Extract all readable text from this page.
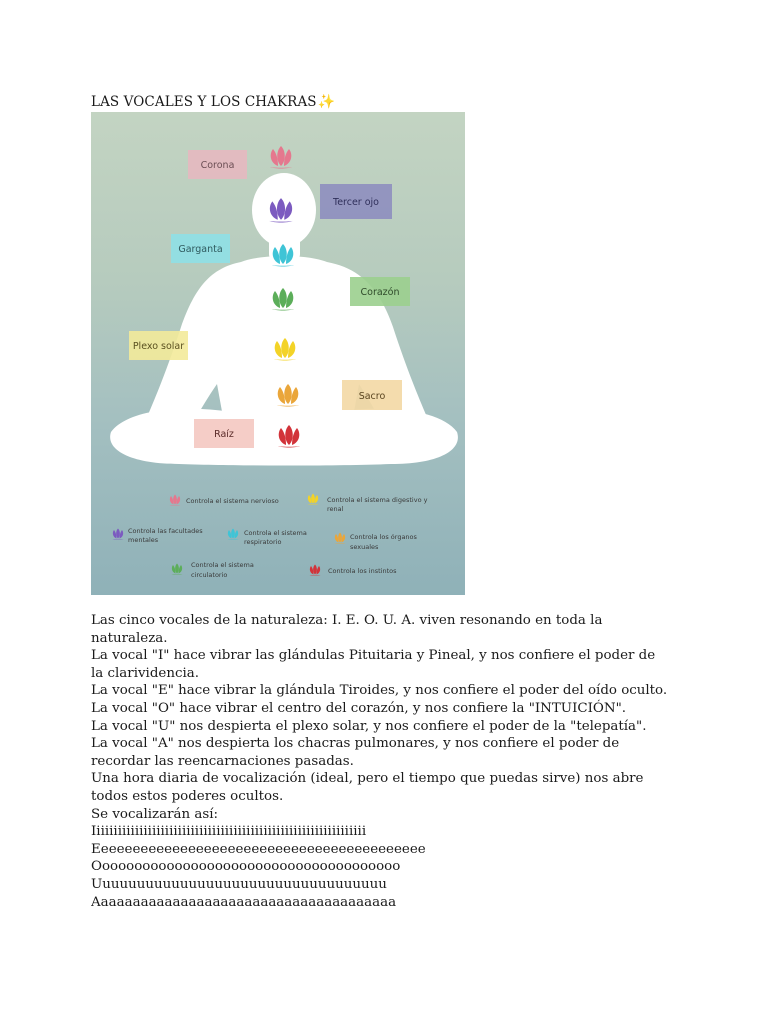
LAS VOCALES Y LOS CHAKRAS✨
Corona
Tercer ojo
Garganta
Corazón
Plexo solar
Sacro
Raíz
Controla el sistema nervioso	Controla el sistema digestivo y
renal
Controla las facultades
mentales
Controla el sistema
respiratorio
Controla los órganos
sexuales
Controla el sistema
circulatorio	Controla los instintos

Las cinco vocales de la naturaleza: I. E. O. U. A. viven resonando en toda la naturaleza.

La vocal "I" hace vibrar las glándulas Pituitaria y Pineal, y nos confiere el poder de la clarividencia.

La vocal "E" hace vibrar la glándula Tiroides, y nos confiere el poder del oído oculto.

La vocal "O" hace vibrar el centro del corazón, y nos confiere la "INTUICIÓN".

La vocal "U" nos despierta el plexo solar, y nos confiere el poder de la "telepatía".

La vocal "A" nos despierta los chacras pulmonares, y nos confiere el poder de recordar las reencarnaciones pasadas.

Una hora diaria de vocalización (ideal, pero el tiempo que puedas sirve) nos abre todos estos poderes ocultos.

Se vocalizarán así:

Iiiiiiiiiiiiiiiiiiiiiiiiiiiiiiiiiiiiiiiiiiiiiiiiiiiiiiiiiiiiiiii

Eeeeeeeeeeeeeeeeeeeeeeeeeeeeeeeeeeeeeeeeee

Oooooooooooooooooooooooooooooooooooooo

Uuuuuuuuuuuuuuuuuuuuuuuuuuuuuuuuuu

Aaaaaaaaaaaaaaaaaaaaaaaaaaaaaaaaaaaaaa
